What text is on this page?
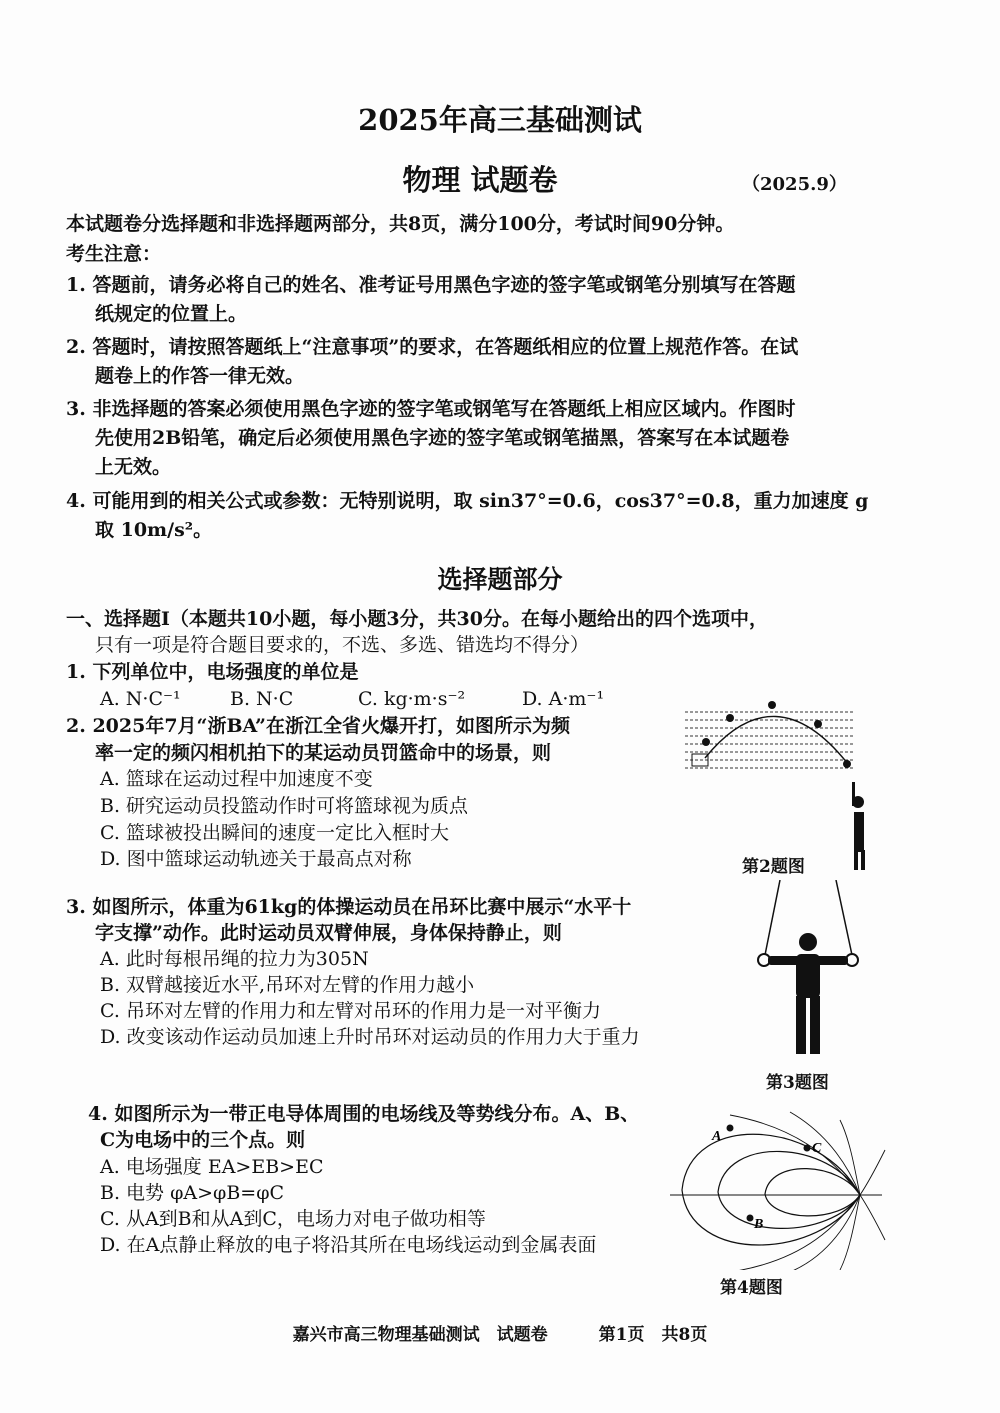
2025年高三基础测试
物理 试题卷	（2025.9）
本试题卷分选择题和非选择题两部分，共8页，满分100分，考试时间90分钟。
考生注意：
1. 答题前，请务必将自己的姓名、准考证号用黑色字迹的签字笔或钢笔分别填写在答题
纸规定的位置上。
2. 答题时，请按照答题纸上“注意事项”的要求，在答题纸相应的位置上规范作答。在试
题卷上的作答一律无效。
3. 非选择题的答案必须使用黑色字迹的签字笔或钢笔写在答题纸上相应区域内。作图时
先使用2B铅笔，确定后必须使用黑色字迹的签字笔或钢笔描黑，答案写在本试题卷
上无效。
4. 可能用到的相关公式或参数：无特别说明，取 sin37°=0.6，cos37°=0.8，重力加速度 g
取 10m/s²。
选择题部分
一、选择题Ⅰ（本题共10小题，每小题3分，共30分。在每小题给出的四个选项中，
只有一项是符合题目要求的，不选、多选、错选均不得分）
1. 下列单位中，电场强度的单位是
A. N·C⁻¹	B. N·C	C. kg·m·s⁻²	D. A·m⁻¹
2. 2025年7月“浙BA”在浙江全省火爆开打，如图所示为频
率一定的频闪相机拍下的某运动员罚篮命中的场景，则
A. 篮球在运动过程中加速度不变
B. 研究运动员投篮动作时可将篮球视为质点
C. 篮球被投出瞬间的速度一定比入框时大
D. 图中篮球运动轨迹关于最高点对称	第2题图
3. 如图所示，体重为61kg的体操运动员在吊环比赛中展示“水平十
字支撑”动作。此时运动员双臂伸展，身体保持静止，则
A. 此时每根吊绳的拉力为305N
B. 双臂越接近水平,吊环对左臂的作用力越小
C. 吊环对左臂的作用力和左臂对吊环的作用力是一对平衡力
D. 改变该动作运动员加速上升时吊环对运动员的作用力大于重力
第3题图
4. 如图所示为一带正电导体周围的电场线及等势线分布。A、B、
C为电场中的三个点。则
A. 电场强度 EA>EB>EC
B. 电势 φA>φB=φC
C. 从A到B和从A到C，电场力对电子做功相等
D. 在A点静止释放的电子将沿其所在电场线运动到金属表面
A
B
C
第4题图
嘉兴市高三物理基础测试　试题卷　　　第1页　共8页
